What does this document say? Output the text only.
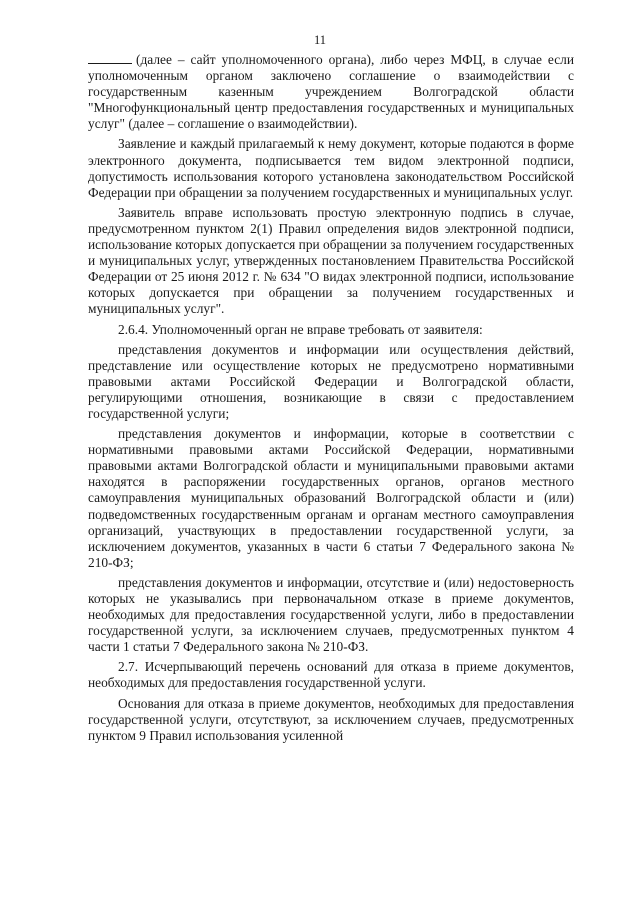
11

(далее – сайт уполномоченного органа), либо через МФЦ, в случае если уполномоченным органом заключено соглашение о взаимодействии с государственным казенным учреждением Волгоградской области "Многофункциональный центр предоставления государственных и муниципальных услуг" (далее – соглашение о взаимодействии).

Заявление и каждый прилагаемый к нему документ, которые подаются в форме электронного документа, подписывается тем видом электронной подписи, допустимость использования которого установлена законодательством Российской Федерации при обращении за получением государственных и муниципальных услуг.

Заявитель вправе использовать простую электронную подпись в случае, предусмотренном пунктом 2(1) Правил определения видов электронной подписи, использование которых допускается при обращении за получением государственных и муниципальных услуг, утвержденных постановлением Правительства Российской Федерации от 25 июня 2012 г. № 634 "О видах электронной подписи, использование которых допускается при обращении за получением государственных и муниципальных услуг".

2.6.4. Уполномоченный орган не вправе требовать от заявителя:

представления документов и информации или осуществления действий, представление или осуществление которых не предусмотрено нормативными правовыми актами Российской Федерации и Волгоградской области, регулирующими отношения, возникающие в связи с предоставлением государственной услуги;

представления документов и информации, которые в соответствии с нормативными правовыми актами Российской Федерации, нормативными правовыми актами Волгоградской области и муниципальными правовыми актами находятся в распоряжении государственных органов, органов местного самоуправления муниципальных образований Волгоградской области и (или) подведомственных государственным органам и органам местного самоуправления организаций, участвующих в предоставлении государственной услуги, за исключением документов, указанных в части 6 статьи 7 Федерального закона № 210-ФЗ;

представления документов и информации, отсутствие и (или) недостоверность которых не указывались при первоначальном отказе в приеме документов, необходимых для предоставления государственной услуги, либо в предоставлении государственной услуги, за исключением случаев, предусмотренных пунктом 4 части 1 статьи 7 Федерального закона № 210-ФЗ.

2.7. Исчерпывающий перечень оснований для отказа в приеме документов, необходимых для предоставления государственной услуги.

Основания для отказа в приеме документов, необходимых для предоставления государственной услуги, отсутствуют, за исключением случаев, предусмотренных пунктом 9 Правил использования усиленной
